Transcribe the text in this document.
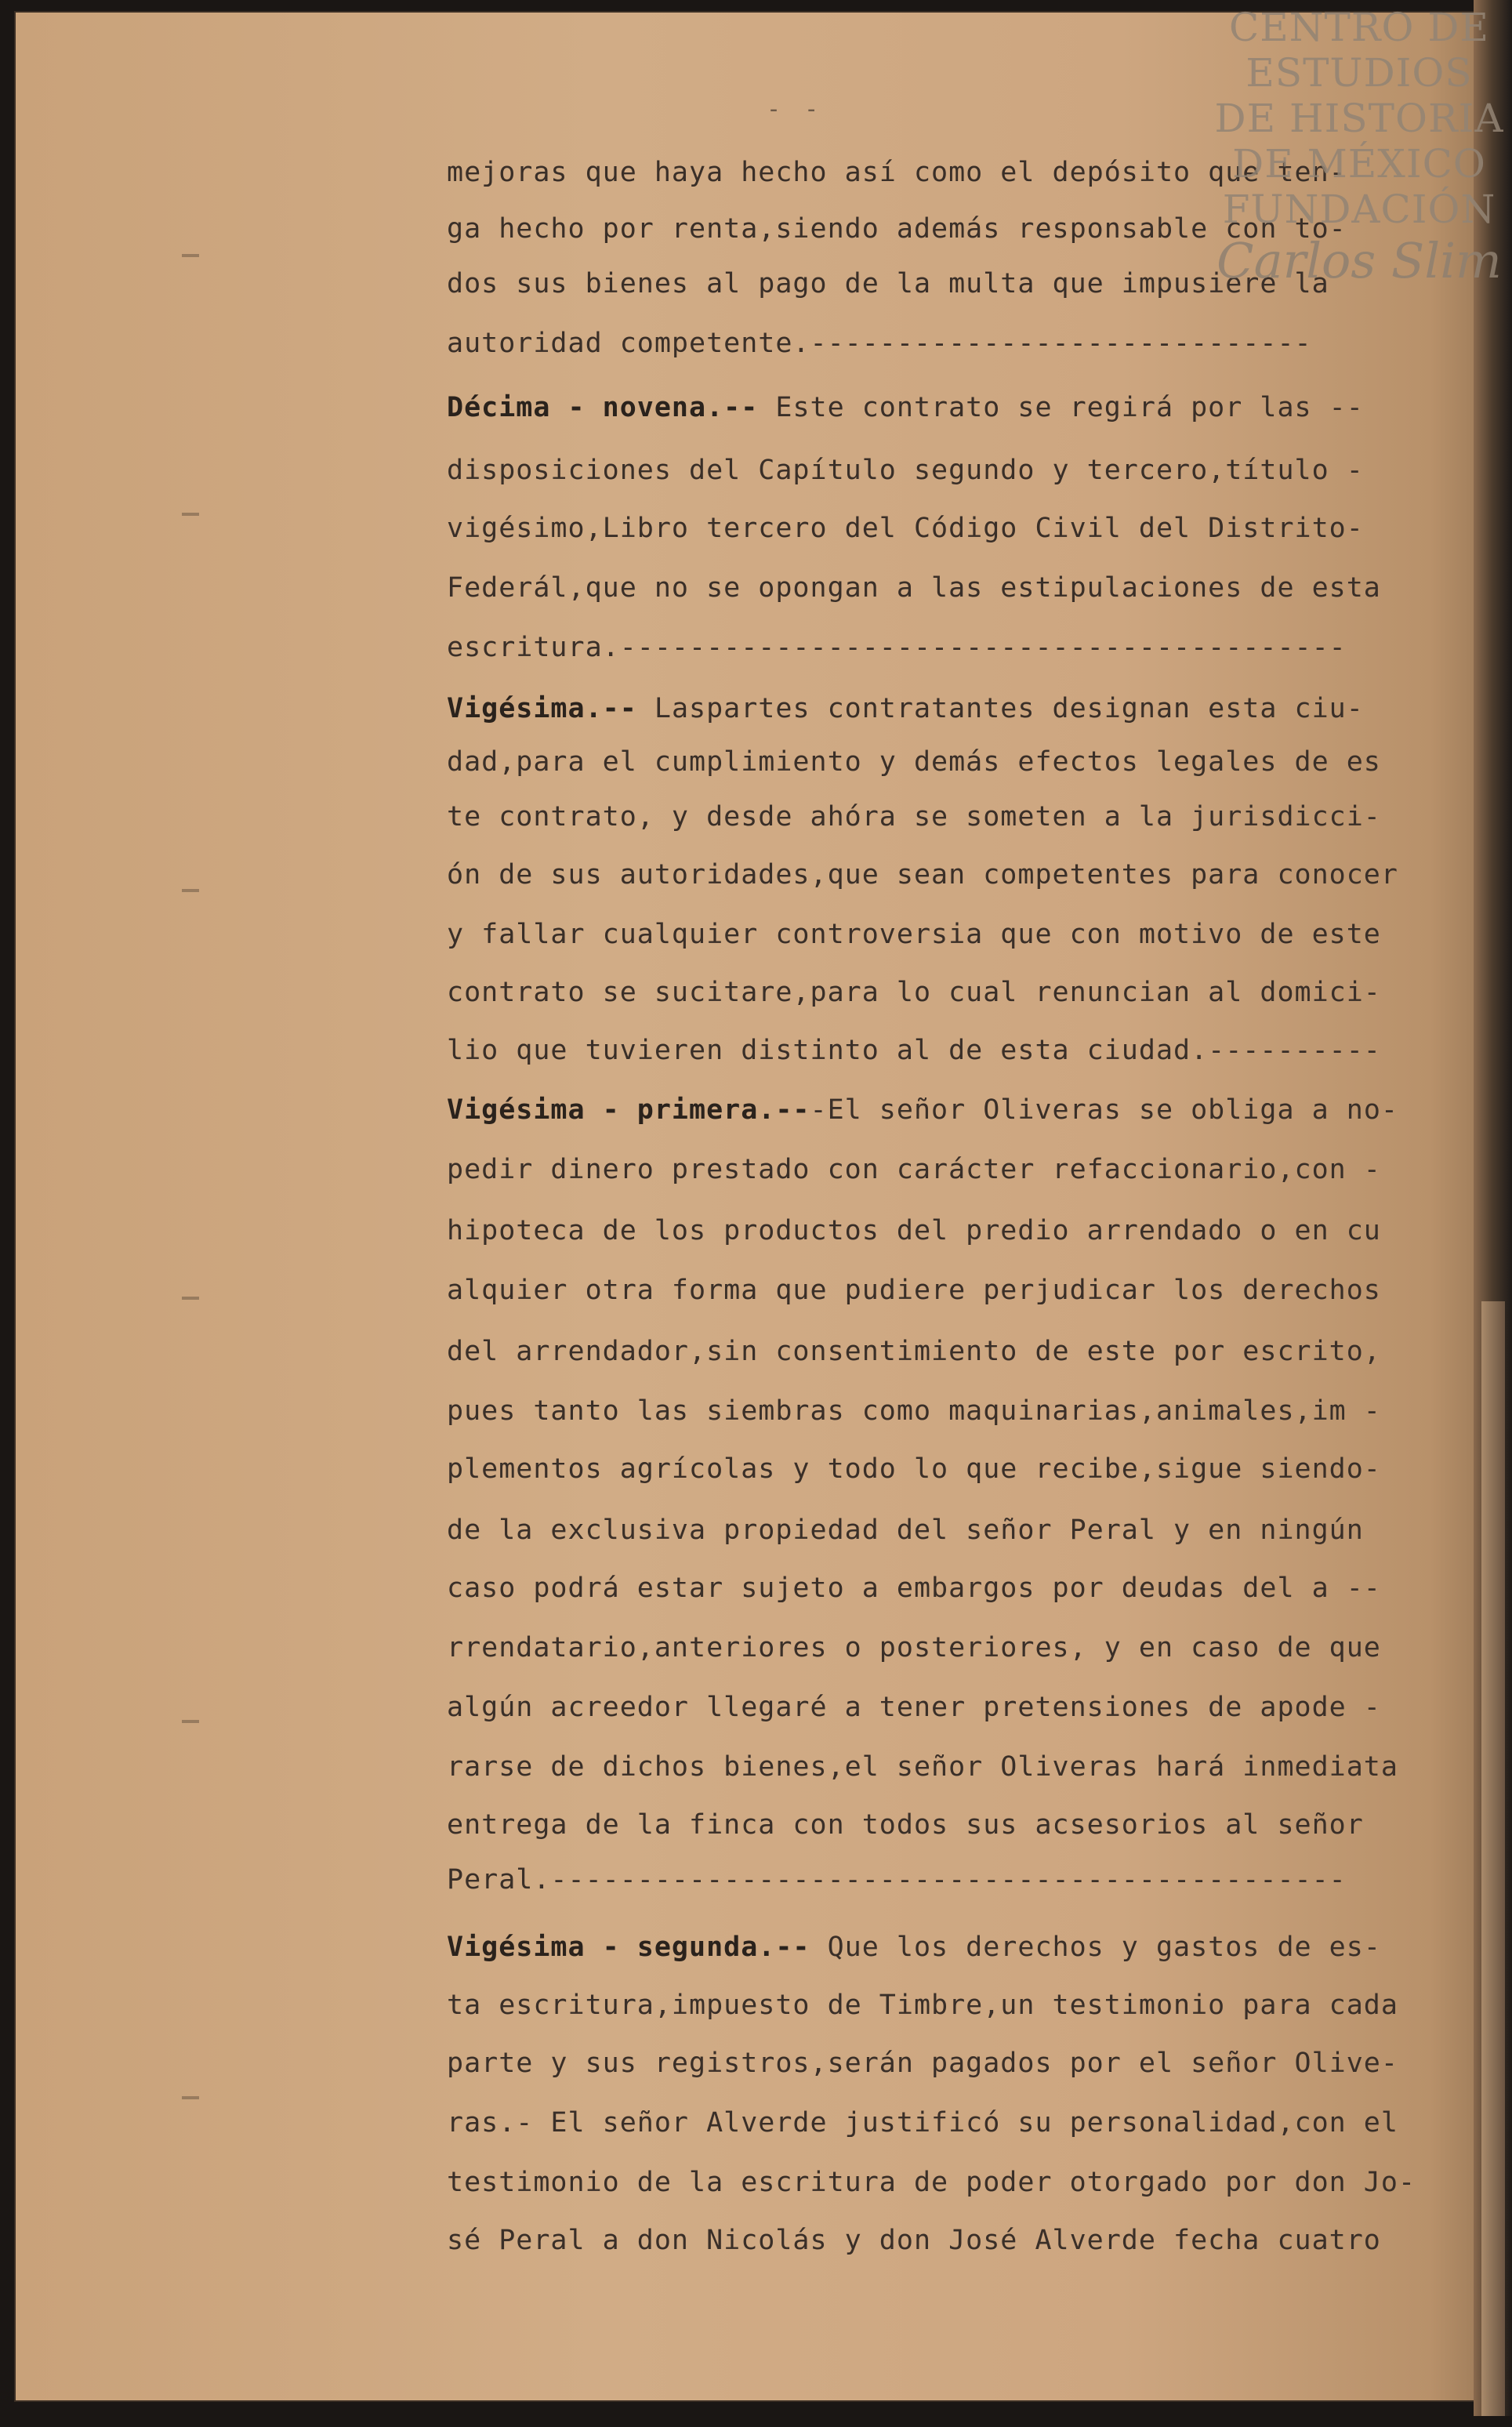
- -
mejoras que haya hecho así como el depósito que ten-
ga hecho por renta,siendo además responsable con to-
dos sus bienes al pago de la multa que impusiere la
autoridad competente.-----------------------------
Décima - novena.-- Este contrato se regirá por las --
disposiciones del Capítulo segundo y tercero,título -
vigésimo,Libro tercero del Código Civil del Distrito-
Federál,que no se opongan a las estipulaciones de esta
escritura.------------------------------------------
Vigésima.-- Laspartes contratantes designan esta ciu-
dad,para el cumplimiento y demás efectos legales de es
te contrato, y desde ahóra se someten a la jurisdicci-
ón de sus autoridades,que sean competentes para conocer
y fallar cualquier controversia que con motivo de este
contrato se sucitare,para lo cual renuncian al domici-
lio que tuvieren distinto al de esta ciudad.----------
Vigésima - primera.---El señor Oliveras se obliga a no-
pedir dinero prestado con carácter refaccionario,con -
hipoteca de los productos del predio arrendado o en cu
alquier otra forma que pudiere perjudicar los derechos
del arrendador,sin consentimiento de este por escrito,
pues tanto las siembras como maquinarias,animales,im -
plementos agrícolas y todo lo que recibe,sigue siendo-
de la exclusiva propiedad del señor Peral y en ningún
caso podrá estar sujeto a embargos por deudas del a --
rrendatario,anteriores o posteriores, y en caso de que
algún acreedor llegaré a tener pretensiones de apode -
rarse de dichos bienes,el señor Oliveras hará inmediata
entrega de la finca con todos sus acsesorios al señor
Peral.----------------------------------------------
Vigésima - segunda.-- Que los derechos y gastos de es-
ta escritura,impuesto de Timbre,un testimonio para cada
parte y sus registros,serán pagados por el señor Olive-
ras.- El señor Alverde justificó su personalidad,con el
testimonio de la escritura de poder otorgado por don Jo-
sé Peral a don Nicolás y don José Alverde fecha cuatro
CENTRO DE
ESTUDIOS
DE HISTORIA
DE MÉXICO
FUNDACIÓN
Carlos Slim
